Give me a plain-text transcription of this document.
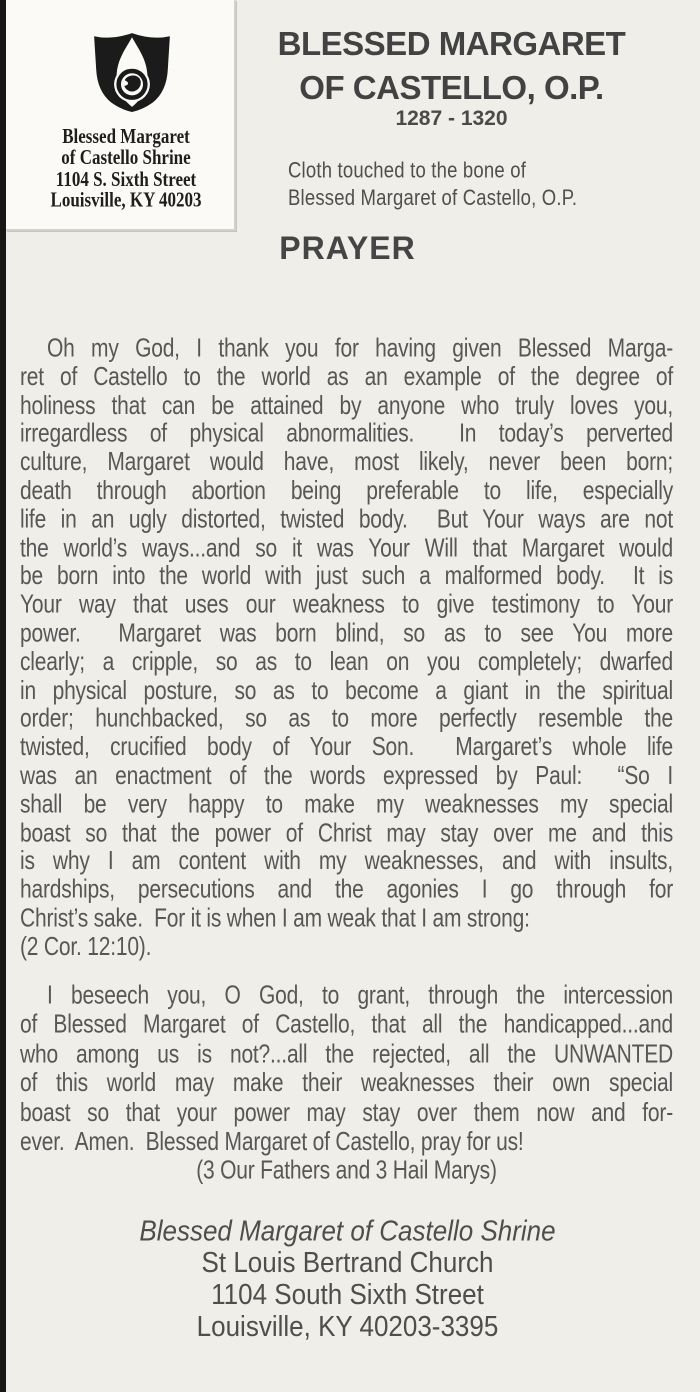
Blessed Margaret
of Castello Shrine
1104 S. Sixth Street
Louisville, KY 40203
BLESSED MARGARET
OF CASTELLO, O.P.
1287 - 1320
Cloth touched to the bone of
Blessed Margaret of Castello, O.P.
PRAYER
Oh my God, I thank you for having given Blessed Marga-
ret of Castello to the world as an example of the degree of
holiness that can be attained by anyone who truly loves you,
irregardless of physical abnormalities.  In today’s perverted
culture, Margaret would have, most likely, never been born;
death through abortion being preferable to life, especially
life in an ugly distorted, twisted body.  But Your ways are not
the world’s ways...and so it was Your Will that Margaret would
be born into the world with just such a malformed body.  It is
Your way that uses our weakness to give testimony to Your
power.  Margaret was born blind, so as to see You more
clearly; a cripple, so as to lean on you completely; dwarfed
in physical posture, so as to become a giant in the spiritual
order; hunchbacked, so as to more perfectly resemble the
twisted, crucified body of Your Son.  Margaret’s whole life
was an enactment of the words expressed by Paul:  “So I
shall be very happy to make my weaknesses my special
boast so that the power of Christ may stay over me and this
is why I am content with my weaknesses, and with insults,
hardships, persecutions and the agonies I go through for
Christ’s sake.  For it is when I am weak that I am strong:
(2 Cor. 12:10).
I beseech you, O God, to grant, through the intercession
of Blessed Margaret of Castello, that all the handicapped...and
who among us is not?...all the rejected, all the UNWANTED
of this world may make their weaknesses their own special
boast so that your power may stay over them now and for-
ever.  Amen.  Blessed Margaret of Castello, pray for us!
(3 Our Fathers and 3 Hail Marys)
Blessed Margaret of Castello Shrine
St Louis Bertrand Church
1104 South Sixth Street
Louisville, KY 40203-3395
